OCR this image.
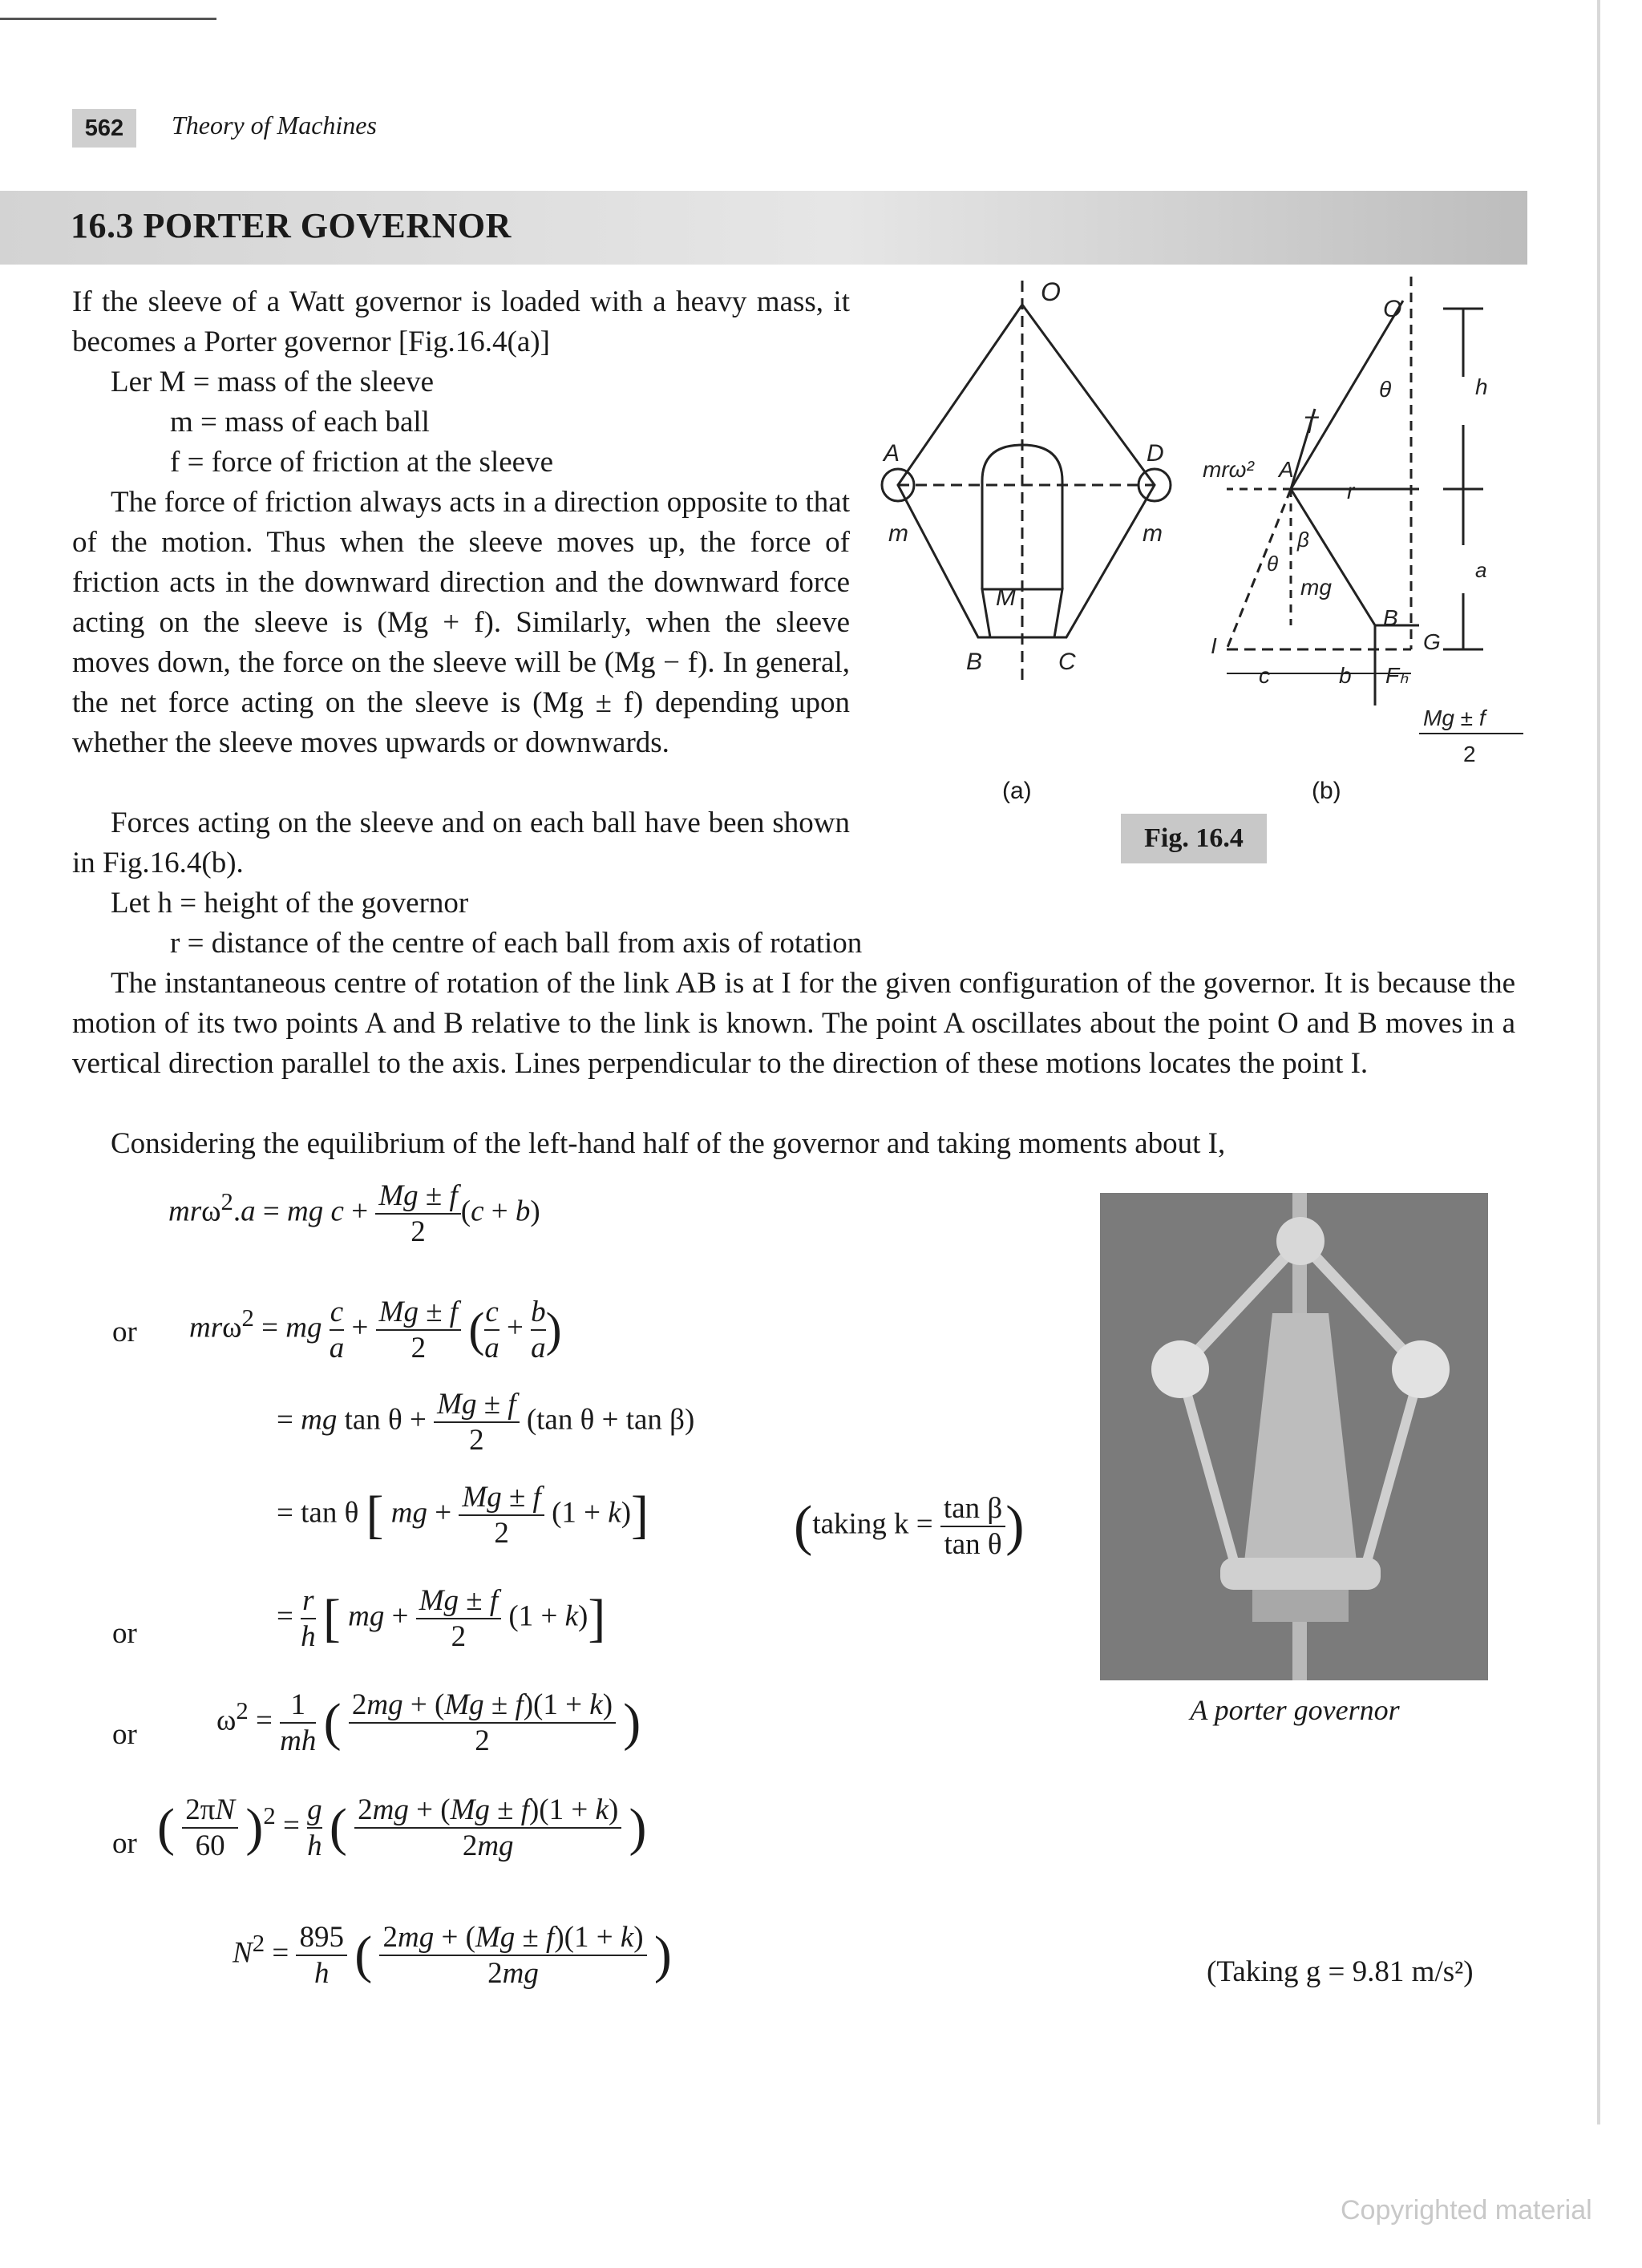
562	Theory of Machines
16.3 PORTER GOVERNOR
If the sleeve of a Watt governor is loaded with a heavy mass, it becomes a Porter governor [Fig.16.4(a)]
Ler M = mass of the sleeve
m = mass of each ball
f = force of friction at the sleeve
The force of friction always acts in a direction opposite to that of the motion. Thus when the sleeve moves up, the force of friction acts in the downward direction and the downward force acting on the sleeve is (Mg + f). Similarly, when the sleeve moves down, the force on the sleeve will be (Mg − f). In general, the net force acting on the sleeve is (Mg ± f) depending upon whether the sleeve moves upwards or downwards.
Forces acting on the sleeve and on each ball have been shown in Fig.16.4(b).
Let h = height of the governor
r = distance of the centre of each ball from axis of rotation
The instantaneous centre of rotation of the link AB is at I for the given configuration of the governor. It is because the motion of its two points A and B relative to the link is known. The point A oscillates about the point O and B moves in a vertical direction parallel to the axis. Lines perpendicular to the direction of these motions locates the point I.
Considering the equilibrium of the left-hand half of the governor and taking moments about I,
O
A	D
m	m
M
B	C
(a)
O
θ	h
T
mrω² A
r
a
θ
β
mg
B
G
I
c	b Fₕ
Mg ± f
2
(b)
Fig. 16.4
A porter governor
mrω$^2$.a = mg $c + \frac{Mg \pm f}{2} (c + b)$
or mrω$^2$ = mg $\frac{c}{a} + \frac{Mg \pm f}{2}$ ( $\frac{c}{a} + \frac{b}{a}$ )
= mg $\tan \theta + \frac{Mg \pm f}{2} (\tan$ θ + tan β)
= tan θ [ mg + $\frac{Mg \pm f}{2} (1 + k)$]	(taking $k = \frac{\text{tan β}}{\text{tan θ}}$ )
or
= $\frac{r}{h}$ [ mg + $\frac{Mg \pm f}{2} (1 + k)$]
or	$\omega^2 = \frac{1}{mh}$ ( $\frac{2mg + (Mg \pm f)(1 + k)}{2}$ )
or ( $\frac{2\pi N}{60} )^2 = \frac{g}{h}$ ( $\frac{2mg + (Mg \pm f)(1 + k)}{2mg}$ )
$N^2 = \frac{895}{h}$ ( $\frac{2mg + (Mg \pm f)(1 + k)}{2mg}$ )	(Taking g = 9.81 m/s²)
Copyrighted material
